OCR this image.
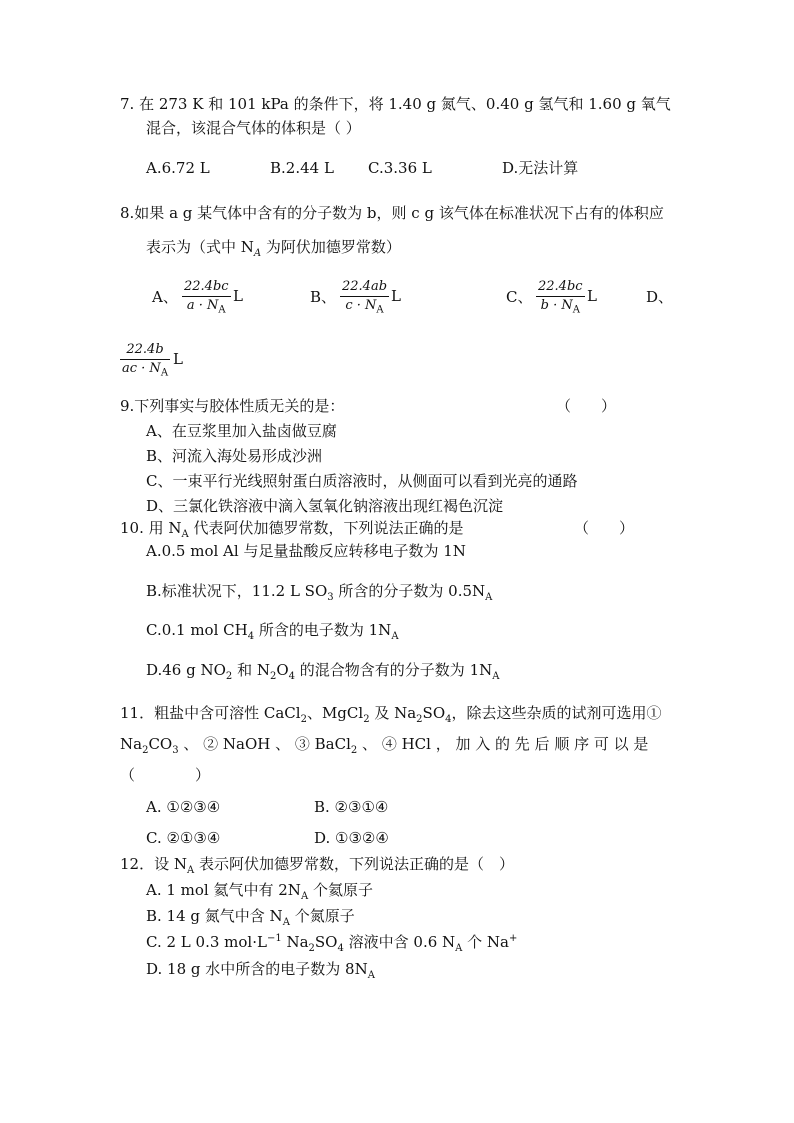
7. 在 273 K 和 101 kPa 的条件下，将 1.40 g 氮气、0.40 g 氢气和 1.60 g 氧气
混合，该混合气体的体积是（ ）
A.6.72 L	B.2.44 L C.3.36 L	D.无法计算
8.如果 a g 某气体中含有的分子数为 b，则 c g 该气体在标准状况下占有的体积应
表示为（式中 $N_A$ 为阿伏加德罗常数）
A、 $\frac{22.4bc}{a \cdot N_A}$ L	B、 $\frac{22.4ab}{c \cdot N_A}$ L	C、 $\frac{22.4bc}{b \cdot N_A}$ L	D、
$\frac{22.4b}{ac \cdot N_A}$ L
9.下列事实与胶体性质无关的是：	（　　）
A、在豆浆里加入盐卤做豆腐
B、河流入海处易形成沙洲
C、一束平行光线照射蛋白质溶液时，从侧面可以看到光亮的通路
D、三氯化铁溶液中滴入氢氧化钠溶液出现红褐色沉淀
10. 用 $N_A$ 代表阿伏加德罗常数，下列说法正确的是	（　　）
A.0.5 mol Al 与足量盐酸反应转移电子数为 1N
B.标准状况下，11.2 L $SO_3$ 所含的分子数为 $0.5N_A$
C.0.1 mol $CH_4$ 所含的电子数为 $1N_A$
D.46 g $NO_2$ 和 $N_2O_4$ 的混合物含有的分子数为 $1N_A$
11．粗盐中含可溶性 CaCl$_2$、MgCl$_2$ 及 $Na_2SO_4$，除去这些杂质的试剂可选用①
$Na_2CO_3$ 、 ② NaOH 、 ③ BaCl$_2$ 、 ④ HCl ， 加 入 的 先 后 顺 序 可 以 是
（　　　　）
A. ①②③④	B. ②③①④
C. ②①③④	D. ①③②④
12．设 $N_A$ 表示阿伏加德罗常数，下列说法正确的是（　）
A. 1 mol 氦气中有 $2N_A$ 个氦原子
B. 14 g 氮气中含 $N_A$ 个氮原子
C. 2 L 0.3 $mol\cdot L^{-1}$ $Na_2SO_4$ 溶液中含 0.6 $N_A$ 个 Na+
D. 18 g 水中所含的电子数为 $8N_A$
